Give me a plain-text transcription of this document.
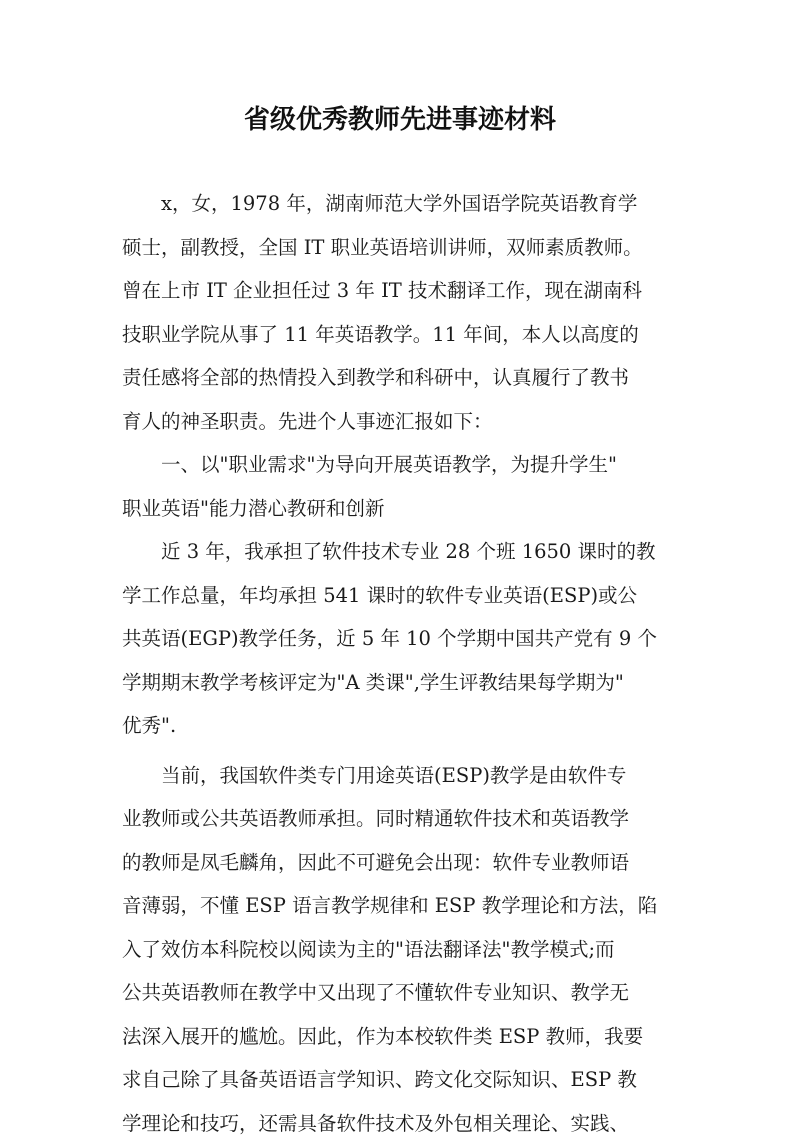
省级优秀教师先进事迹材料
x，女，1978 年，湖南师范大学外国语学院英语教育学
硕士，副教授，全国 IT 职业英语培训讲师，双师素质教师。
曾在上市 IT 企业担任过 3 年 IT 技术翻译工作，现在湖南科
技职业学院从事了 11 年英语教学。11 年间，本人以高度的
责任感将全部的热情投入到教学和科研中，认真履行了教书
育人的神圣职责。先进个人事迹汇报如下：
一、以"职业需求"为导向开展英语教学，为提升学生"
职业英语"能力潜心教研和创新
近 3 年，我承担了软件技术专业 28 个班 1650 课时的教
学工作总量，年均承担 541 课时的软件专业英语(ESP)或公
共英语(EGP)教学任务，近 5 年 10 个学期中国共产党有 9 个
学期期末教学考核评定为"A 类课",学生评教结果每学期为"
优秀".
当前，我国软件类专门用途英语(ESP)教学是由软件专
业教师或公共英语教师承担。同时精通软件技术和英语教学
的教师是凤毛麟角，因此不可避免会出现：软件专业教师语
音薄弱，不懂 ESP 语言教学规律和 ESP 教学理论和方法，陷
入了效仿本科院校以阅读为主的"语法翻译法"教学模式;而
公共英语教师在教学中又出现了不懂软件专业知识、教学无
法深入展开的尴尬。因此，作为本校软件类 ESP 教师，我要
求自己除了具备英语语言学知识、跨文化交际知识、ESP 教
学理论和技巧，还需具备软件技术及外包相关理论、实践、
